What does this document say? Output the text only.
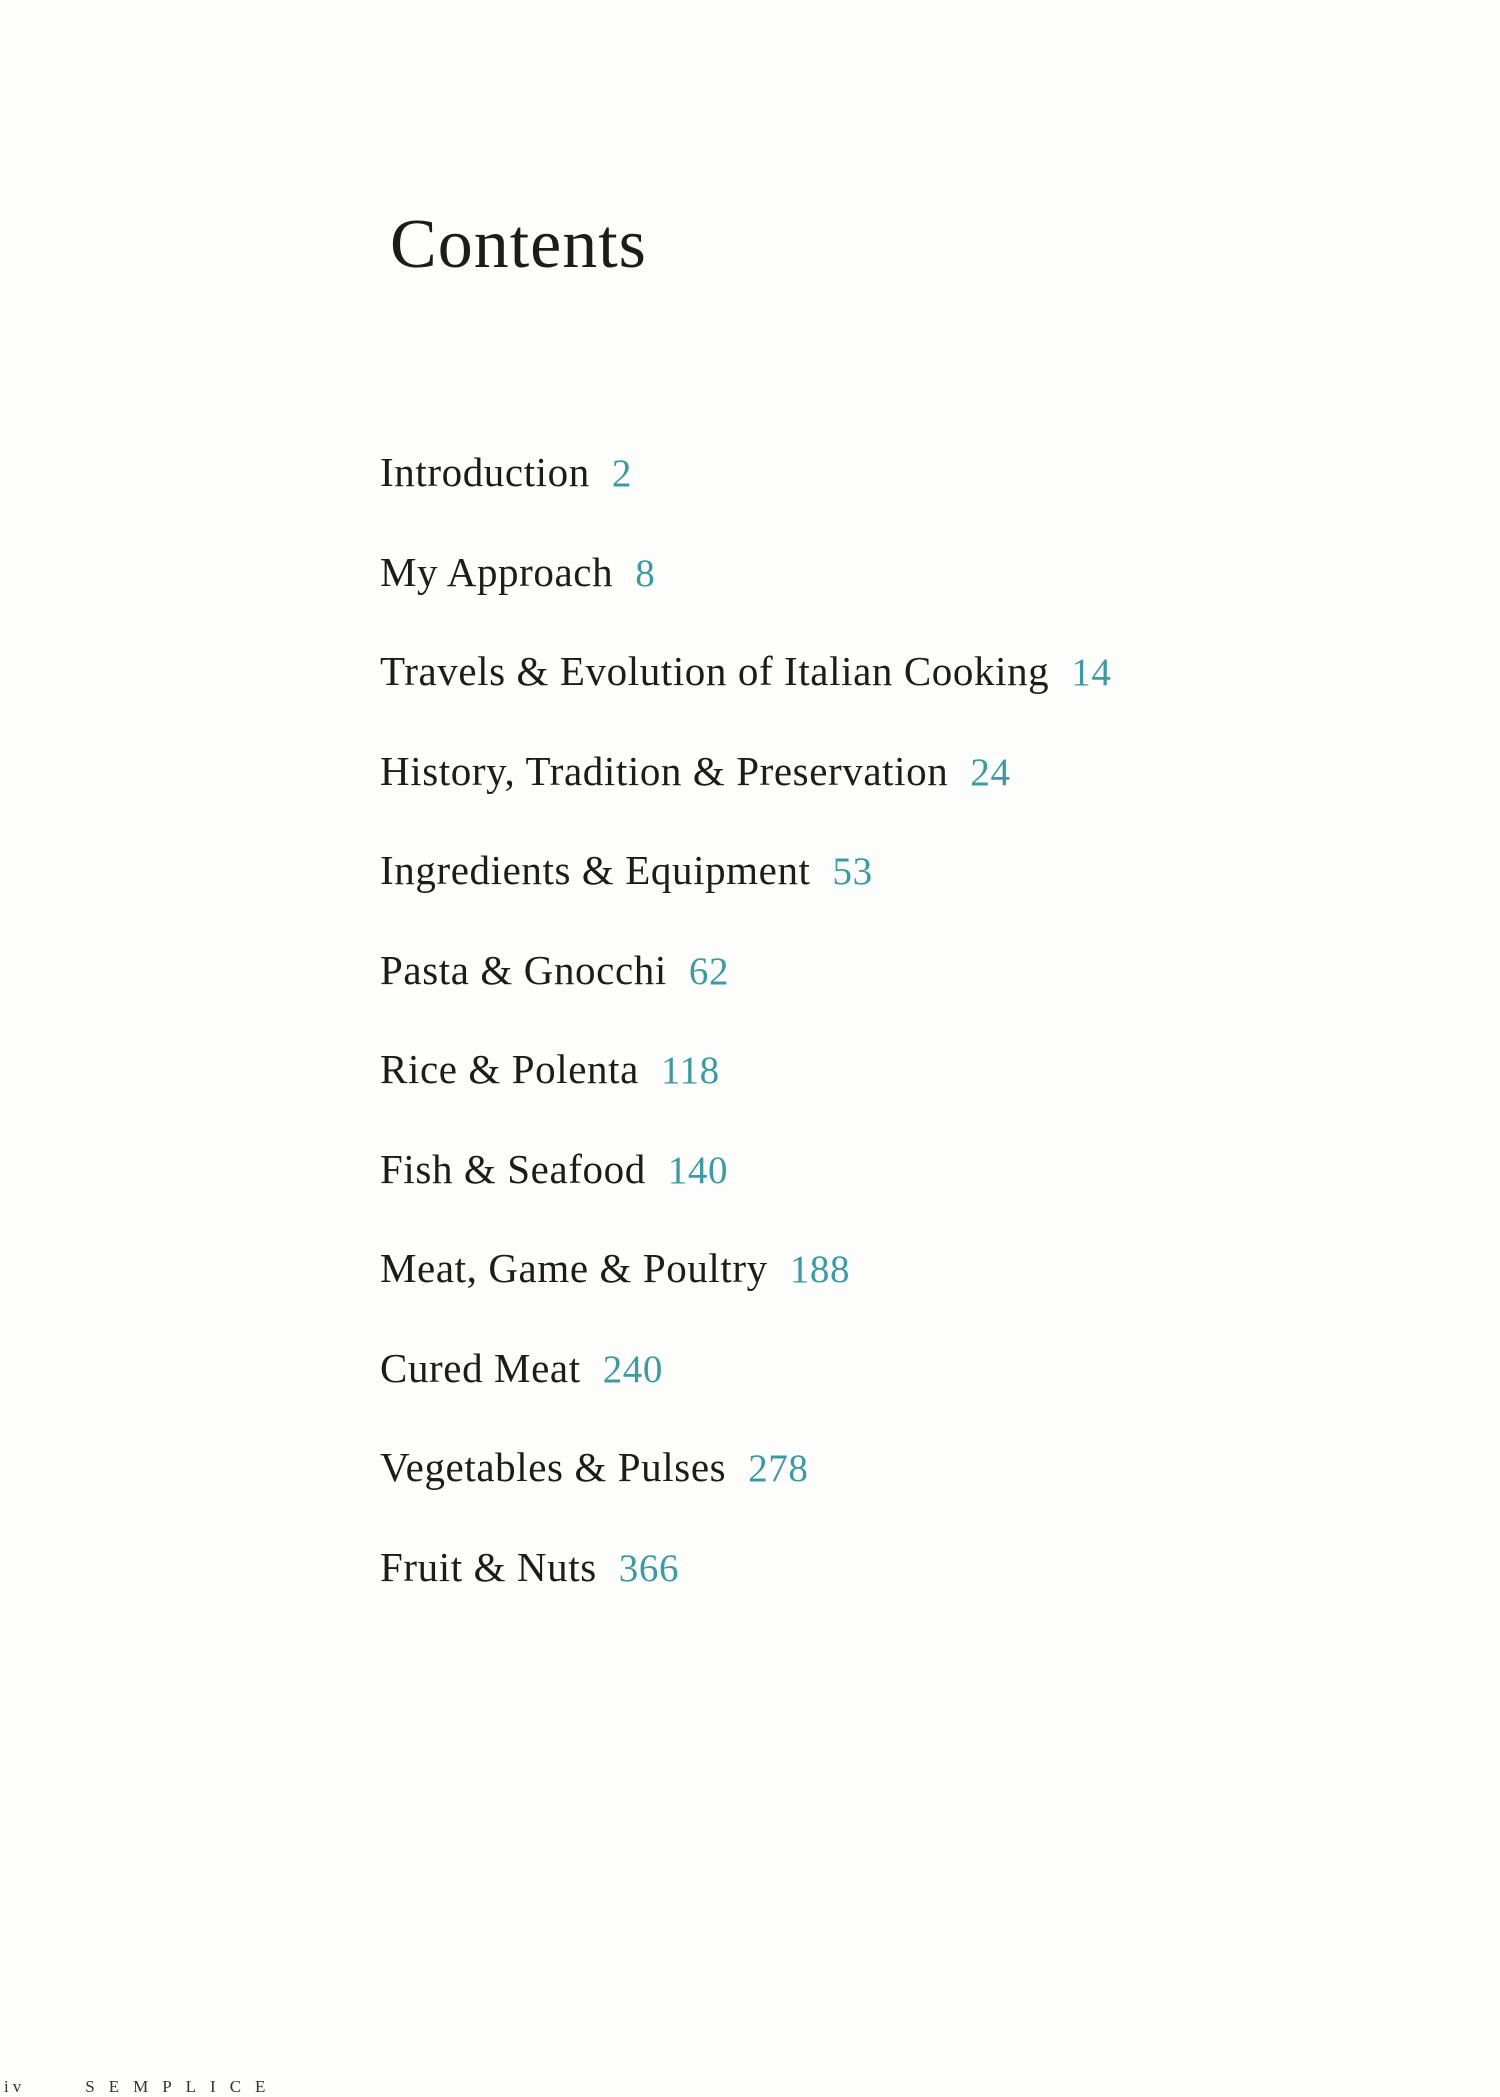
Contents
Introduction 2
My Approach 8
Travels & Evolution of Italian Cooking 14
History, Tradition & Preservation 24
Ingredients & Equipment 53
Pasta & Gnocchi 62
Rice & Polenta 118
Fish & Seafood 140
Meat, Game & Poultry 188
Cured Meat 240
Vegetables & Pulses 278
Fruit & Nuts 366
iv	SEMPLICE
